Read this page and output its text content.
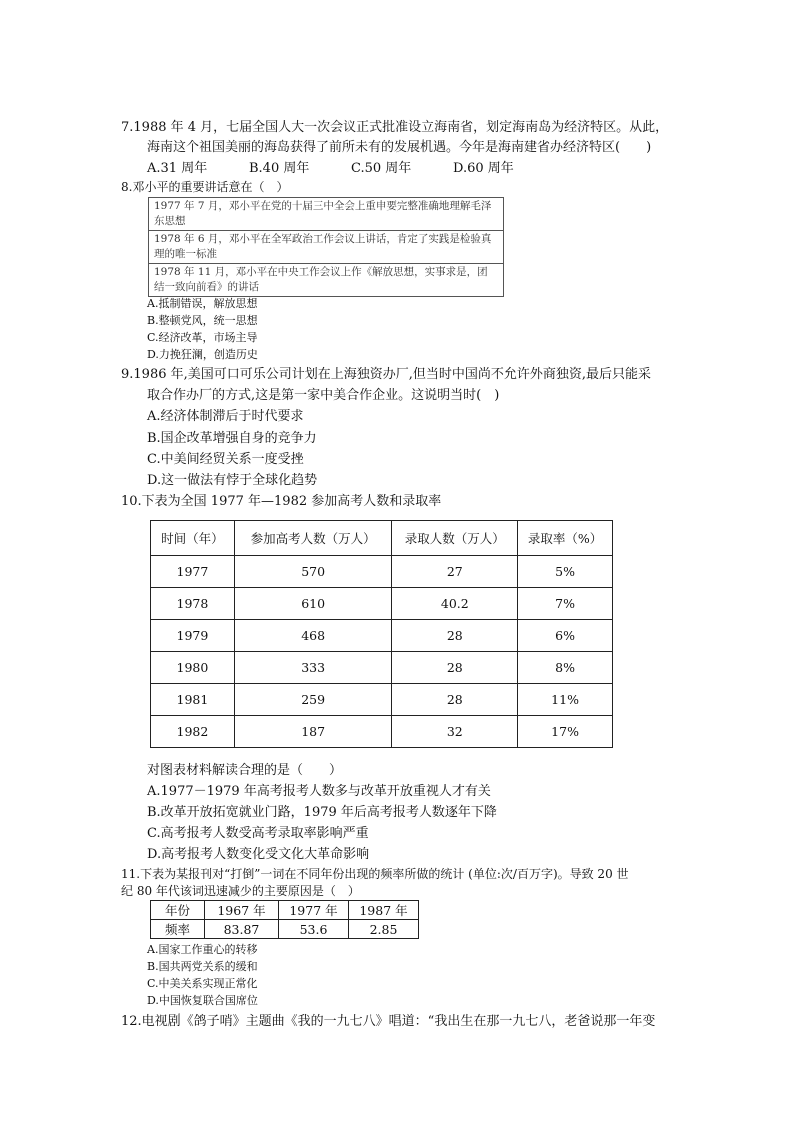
7.1988 年 4 月，七届全国人大一次会议正式批准设立海南省，划定海南岛为经济特区。从此，
海南这个祖国美丽的海岛获得了前所未有的发展机遇。今年是海南建省办经济特区(　　)
A.31 周年	B.40 周年	C.50 周年	D.60 周年
8.邓小平的重要讲话意在（　）
1977 年 7 月，邓小平在党的十届三中全会上重申要完整准确地理解毛泽东思想
1978 年 6 月，邓小平在全军政治工作会议上讲话，肯定了实践是检验真理的唯一标准
1978 年 11 月，邓小平在中央工作会议上作《解放思想，实事求是，团结一致向前看》的讲话
A.抵制错误，解放思想
B.整顿党风，统一思想
C.经济改革，市场主导
D.力挽狂澜，创造历史
9.1986 年,美国可口可乐公司计划在上海独资办厂,但当时中国尚不允许外商独资,最后只能采
取合作办厂的方式,这是第一家中美合作企业。这说明当时(　)
A.经济体制滞后于时代要求
B.国企改革增强自身的竞争力
C.中美间经贸关系一度受挫
D.这一做法有悖于全球化趋势
10.下表为全国 1977 年—1982 参加高考人数和录取率
时间（年）	参加高考人数（万人）	录取人数（万人）	录取率（%）
1977	570	27	5%
1978	610	40.2	7%
1979	468	28	6%
1980	333	28	8%
1981	259	28	11%
1982	187	32	17%
对图表材料解读合理的是（　　）
A.1977－1979 年高考报考人数多与改革开放重视人才有关
B.改革开放拓宽就业门路，1979 年后高考报考人数逐年下降
C.高考报考人数受高考录取率影响严重
D.高考报考人数变化受文化大革命影响
11.下表为某报刊对“打倒”一词在不同年份出现的频率所做的统计 (单位:次/百万字)。导致 20 世
纪 80 年代该词迅速减少的主要原因是（　）
年份	1967 年	1977 年	1987 年
频率	83.87	53.6	2.85
A.国家工作重心的转移
B.国共两党关系的缓和
C.中美关系实现正常化
D.中国恢复联合国席位
12.电视剧《鸽子哨》主题曲《我的一九七八》唱道：“我出生在那一九七八，老爸说那一年变
